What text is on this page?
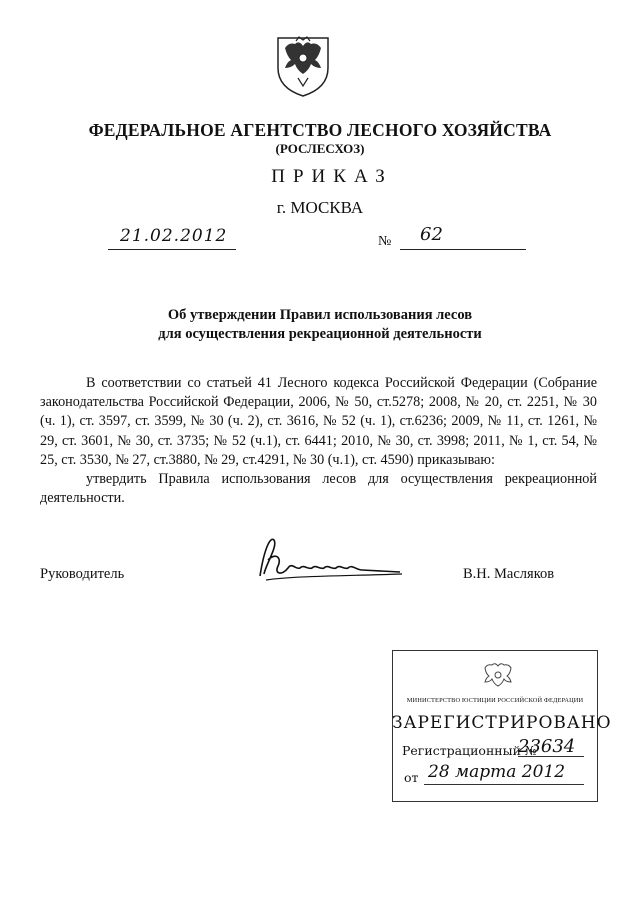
ФЕДЕРАЛЬНОЕ АГЕНТСТВО ЛЕСНОГО ХОЗЯЙСТВА
(РОСЛЕСХОЗ)
ПРИКАЗ
г. МОСКВА
21.02.2012	№ 62
Об утверждении Правил использования лесов
для осуществления рекреационной деятельности

В соответствии со статьей 41 Лесного кодекса Российской Федерации (Собрание законодательства Российской Федерации, 2006, № 50, ст.5278; 2008, № 20, ст. 2251, № 30 (ч. 1), ст. 3597, ст. 3599, № 30 (ч. 2), ст. 3616, № 52 (ч. 1), ст.6236; 2009, № 11, ст. 1261, № 29, ст. 3601, № 30, ст. 3735; № 52 (ч.1), ст. 6441; 2010, № 30, ст. 3998; 2011, № 1, ст. 54, № 25, ст. 3530, № 27, ст.3880, № 29, ст.4291, № 30 (ч.1), ст. 4590) приказываю:

утвердить Правила использования лесов для осуществления рекреационной деятельности.

Руководитель	В.Н. Масляков
МИНИСТЕРСТВО ЮСТИЦИИ РОССИЙСКОЙ ФЕДЕРАЦИИ
ЗАРЕГИСТРИРОВАНО
Регистрационный №
23634
от 28 марта 2012
